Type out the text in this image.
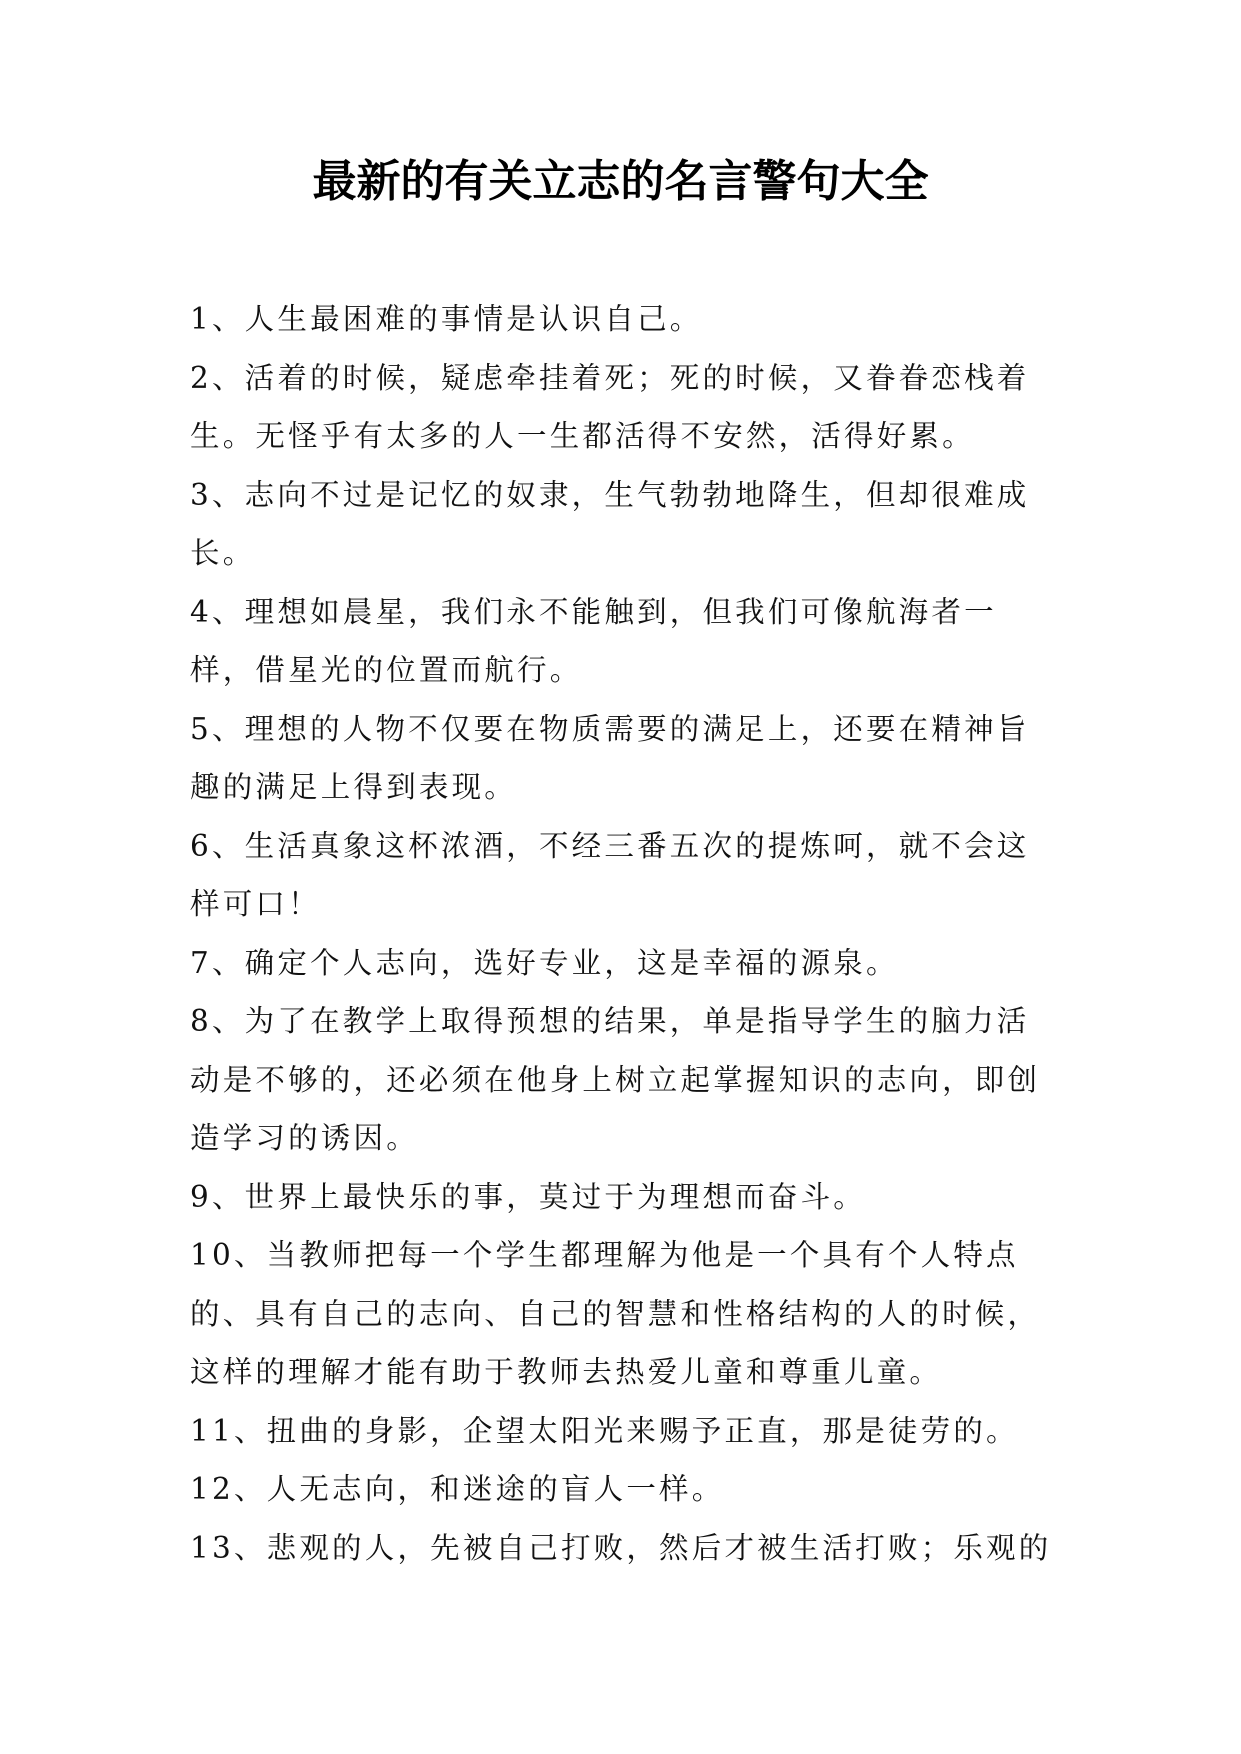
最新的有关立志的名言警句大全

1、人生最困难的事情是认识自己。

2、活着的时候，疑虑牵挂着死；死的时候，又眷眷恋栈着生。无怪乎有太多的人一生都活得不安然，活得好累。

3、志向不过是记忆的奴隶，生气勃勃地降生，但却很难成长。

4、理想如晨星，我们永不能触到，但我们可像航海者一样，借星光的位置而航行。

5、理想的人物不仅要在物质需要的满足上，还要在精神旨趣的满足上得到表现。

6、生活真象这杯浓酒，不经三番五次的提炼呵，就不会这样可口！

7、确定个人志向，选好专业，这是幸福的源泉。

8、为了在教学上取得预想的结果，单是指导学生的脑力活动是不够的，还必须在他身上树立起掌握知识的志向，即创造学习的诱因。

9、世界上最快乐的事，莫过于为理想而奋斗。

10、当教师把每一个学生都理解为他是一个具有个人特点的、具有自己的志向、自己的智慧和性格结构的人的时候，这样的理解才能有助于教师去热爱儿童和尊重儿童。

11、扭曲的身影，企望太阳光来赐予正直，那是徒劳的。

12、人无志向，和迷途的盲人一样。

13、悲观的人，先被自己打败，然后才被生活打败；乐观的
